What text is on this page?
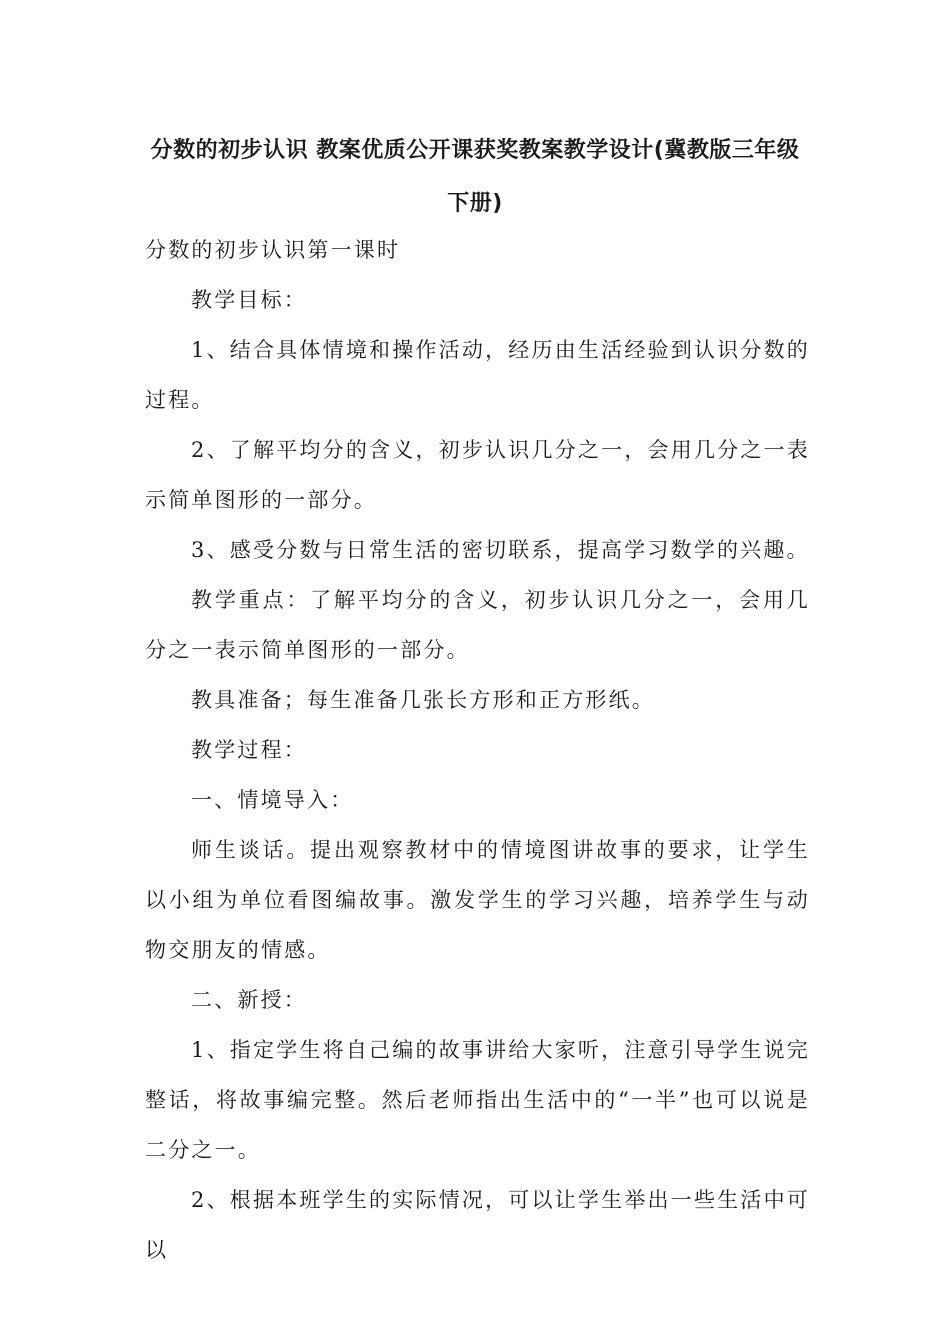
分数的初步认识 教案优质公开课获奖教案教学设计(冀教版三年级下册)

分数的初步认识第一课时

教学目标：

1、结合具体情境和操作活动，经历由生活经验到认识分数的过程。

2、了解平均分的含义，初步认识几分之一，会用几分之一表示简单图形的一部分。

3、感受分数与日常生活的密切联系，提高学习数学的兴趣。

教学重点：了解平均分的含义，初步认识几分之一，会用几分之一表示简单图形的一部分。

教具准备；每生准备几张长方形和正方形纸。

教学过程：

一、情境导入：

师生谈话。提出观察教材中的情境图讲故事的要求，让学生以小组为单位看图编故事。激发学生的学习兴趣，培养学生与动物交朋友的情感。

二、新授：

1、指定学生将自己编的故事讲给大家听，注意引导学生说完整话，将故事编完整。然后老师指出生活中的“一半”也可以说是二分之一。

2、根据本班学生的实际情况，可以让学生举出一些生活中可以
